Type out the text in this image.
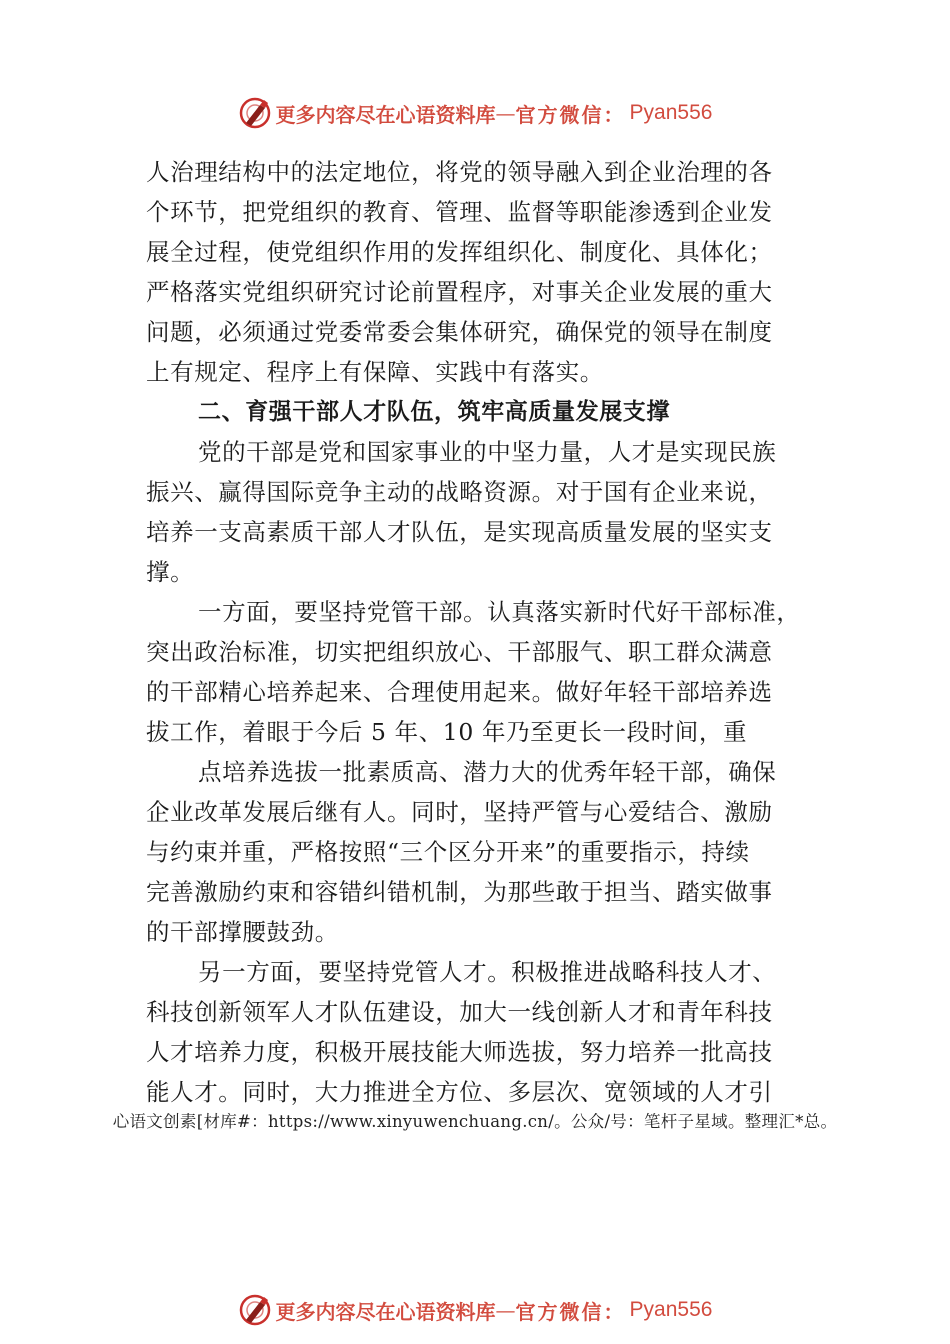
更多内容尽在心语资料库 — 官方微信： Pyan556
人治理结构中的法定地位，将党的领导融入到企业治理的各
个环节，把党组织的教育、管理、监督等职能渗透到企业发
展全过程，使党组织作用的发挥组织化、制度化、具体化；
严格落实党组织研究讨论前置程序，对事关企业发展的重大
问题，必须通过党委常委会集体研究，确保党的领导在制度
上有规定、程序上有保障、实践中有落实。
二、育强干部人才队伍，筑牢高质量发展支撑
党的干部是党和国家事业的中坚力量，人才是实现民族
振兴、赢得国际竞争主动的战略资源。对于国有企业来说，
培养一支高素质干部人才队伍，是实现高质量发展的坚实支
撑。
一方面，要坚持党管干部。认真落实新时代好干部标准，
突出政治标准，切实把组织放心、干部服气、职工群众满意
的干部精心培养起来、合理使用起来。做好年轻干部培养选
拔工作，着眼于今后 5 年、10 年乃至更长一段时间，重
点培养选拔一批素质高、潜力大的优秀年轻干部，确保
企业改革发展后继有人。同时，坚持严管与心爱结合、激励
与约束并重，严格按照“三个区分开来”的重要指示，持续
完善激励约束和容错纠错机制，为那些敢于担当、踏实做事
的干部撑腰鼓劲。
另一方面，要坚持党管人才。积极推进战略科技人才、
科技创新领军人才队伍建设，加大一线创新人才和青年科技
人才培养力度，积极开展技能大师选拔，努力培养一批高技
能人才。同时，大力推进全方位、多层次、宽领域的人才引
心语文创素[材库#：https://www.xinyuwenchuang.cn/。公众/号：笔杆子星域。整理汇*总。
更多内容尽在心语资料库 — 官方微信： Pyan556
